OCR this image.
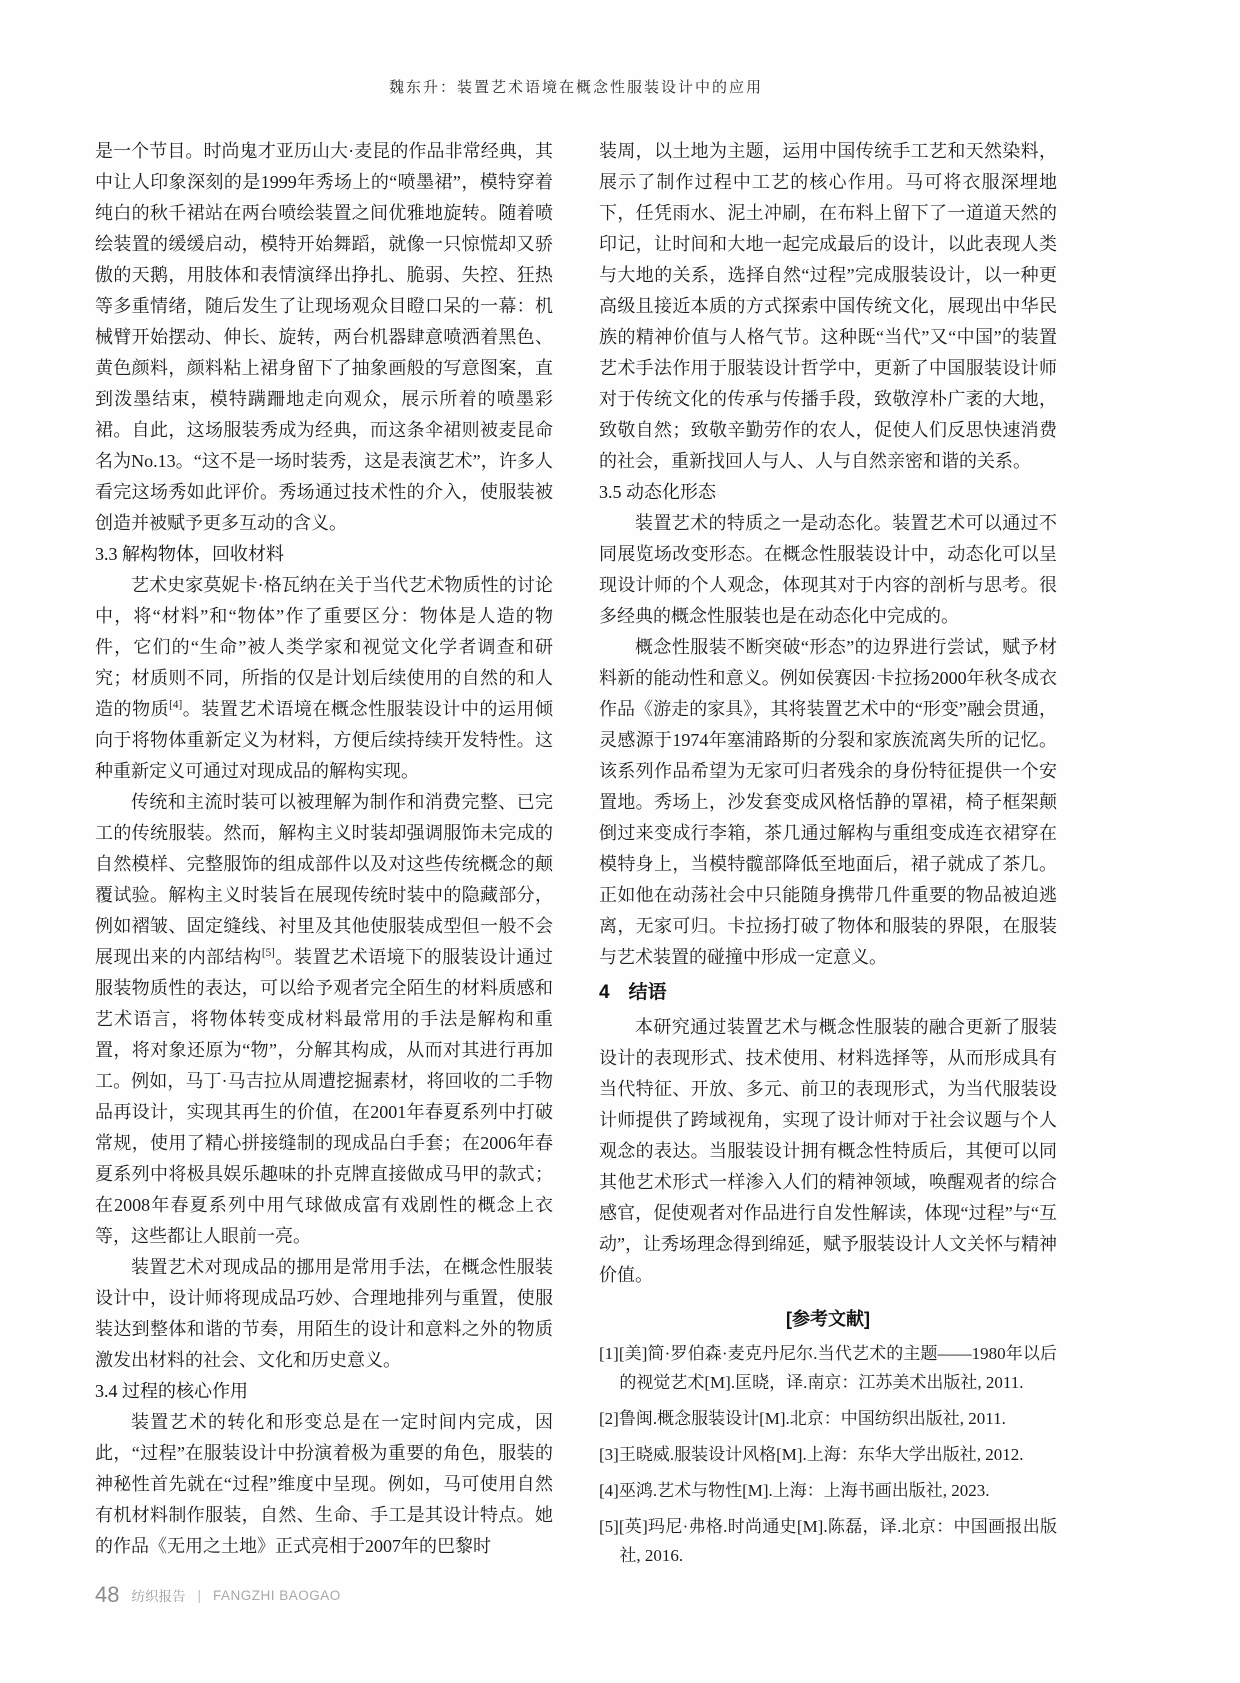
魏东升：装置艺术语境在概念性服装设计中的应用

是一个节目。时尚鬼才亚历山大·麦昆的作品非常经典，其中让人印象深刻的是1999年秀场上的“喷墨裙”，模特穿着纯白的秋千裙站在两台喷绘装置之间优雅地旋转。随着喷绘装置的缓缓启动，模特开始舞蹈，就像一只惊慌却又骄傲的天鹅，用肢体和表情演绎出挣扎、脆弱、失控、狂热等多重情绪，随后发生了让现场观众目瞪口呆的一幕：机械臂开始摆动、伸长、旋转，两台机器肆意喷洒着黑色、黄色颜料，颜料粘上裙身留下了抽象画般的写意图案，直到泼墨结束，模特蹒跚地走向观众，展示所着的喷墨彩裙。自此，这场服装秀成为经典，而这条伞裙则被麦昆命名为No.13。“这不是一场时装秀，这是表演艺术”，许多人看完这场秀如此评价。秀场通过技术性的介入，使服装被创造并被赋予更多互动的含义。

3.3 解构物体，回收材料

艺术史家莫妮卡·格瓦纳在关于当代艺术物质性的讨论中，将“材料”和“物体”作了重要区分：物体是人造的物件，它们的“生命”被人类学家和视觉文化学者调查和研究；材质则不同，所指的仅是计划后续使用的自然的和人造的物质[4]。装置艺术语境在概念性服装设计中的运用倾向于将物体重新定义为材料，方便后续持续开发特性。这种重新定义可通过对现成品的解构实现。

传统和主流时装可以被理解为制作和消费完整、已完工的传统服装。然而，解构主义时装却强调服饰未完成的自然模样、完整服饰的组成部件以及对这些传统概念的颠覆试验。解构主义时装旨在展现传统时装中的隐藏部分，例如褶皱、固定缝线、衬里及其他使服装成型但一般不会展现出来的内部结构[5]。装置艺术语境下的服装设计通过服装物质性的表达，可以给予观者完全陌生的材料质感和艺术语言，将物体转变成材料最常用的手法是解构和重置，将对象还原为“物”，分解其构成，从而对其进行再加工。例如，马丁·马吉拉从周遭挖掘素材，将回收的二手物品再设计，实现其再生的价值，在2001年春夏系列中打破常规，使用了精心拼接缝制的现成品白手套；在2006年春夏系列中将极具娱乐趣味的扑克牌直接做成马甲的款式；在2008年春夏系列中用气球做成富有戏剧性的概念上衣等，这些都让人眼前一亮。

装置艺术对现成品的挪用是常用手法，在概念性服装设计中，设计师将现成品巧妙、合理地排列与重置，使服装达到整体和谐的节奏，用陌生的设计和意料之外的物质激发出材料的社会、文化和历史意义。

3.4 过程的核心作用

装置艺术的转化和形变总是在一定时间内完成，因此，“过程”在服装设计中扮演着极为重要的角色，服装的神秘性首先就在“过程”维度中呈现。例如，马可使用自然有机材料制作服装，自然、生命、手工是其设计特点。她的作品《无用之土地》正式亮相于2007年的巴黎时

装周，以土地为主题，运用中国传统手工艺和天然染料，展示了制作过程中工艺的核心作用。马可将衣服深埋地下，任凭雨水、泥土冲刷，在布料上留下了一道道天然的印记，让时间和大地一起完成最后的设计，以此表现人类与大地的关系，选择自然“过程”完成服装设计，以一种更高级且接近本质的方式探索中国传统文化，展现出中华民族的精神价值与人格气节。这种既“当代”又“中国”的装置艺术手法作用于服装设计哲学中，更新了中国服装设计师对于传统文化的传承与传播手段，致敬淳朴广袤的大地，致敬自然；致敬辛勤劳作的农人，促使人们反思快速消费的社会，重新找回人与人、人与自然亲密和谐的关系。

3.5 动态化形态

装置艺术的特质之一是动态化。装置艺术可以通过不同展览场改变形态。在概念性服装设计中，动态化可以呈现设计师的个人观念，体现其对于内容的剖析与思考。很多经典的概念性服装也是在动态化中完成的。

概念性服装不断突破“形态”的边界进行尝试，赋予材料新的能动性和意义。例如侯赛因·卡拉扬2000年秋冬成衣作品《游走的家具》，其将装置艺术中的“形变”融会贯通，灵感源于1974年塞浦路斯的分裂和家族流离失所的记忆。该系列作品希望为无家可归者残余的身份特征提供一个安置地。秀场上，沙发套变成风格恬静的罩裙，椅子框架颠倒过来变成行李箱，茶几通过解构与重组变成连衣裙穿在模特身上，当模特髋部降低至地面后，裙子就成了茶几。正如他在动荡社会中只能随身携带几件重要的物品被迫逃离，无家可归。卡拉扬打破了物体和服装的界限，在服装与艺术装置的碰撞中形成一定意义。

4　结语

本研究通过装置艺术与概念性服装的融合更新了服装设计的表现形式、技术使用、材料选择等，从而形成具有当代特征、开放、多元、前卫的表现形式，为当代服装设计师提供了跨域视角，实现了设计师对于社会议题与个人观念的表达。当服装设计拥有概念性特质后，其便可以同其他艺术形式一样渗入人们的精神领域，唤醒观者的综合感官，促使观者对作品进行自发性解读，体现“过程”与“互动”，让秀场理念得到绵延，赋予服装设计人文关怀与精神价值。

[参考文献]

[1][美]简·罗伯森·麦克丹尼尔.当代艺术的主题——1980年以后的视觉艺术[M].匡晓，译.南京：江苏美术出版社, 2011.

[2]鲁闽.概念服装设计[M].北京：中国纺织出版社, 2011.

[3]王晓威.服装设计风格[M].上海：东华大学出版社, 2012.

[4]巫鸿.艺术与物性[M].上海：上海书画出版社, 2023.

[5][英]玛尼·弗格.时尚通史[M].陈磊，译.北京：中国画报出版社, 2016.

48 纺织报告 | FANGZHI BAOGAO
